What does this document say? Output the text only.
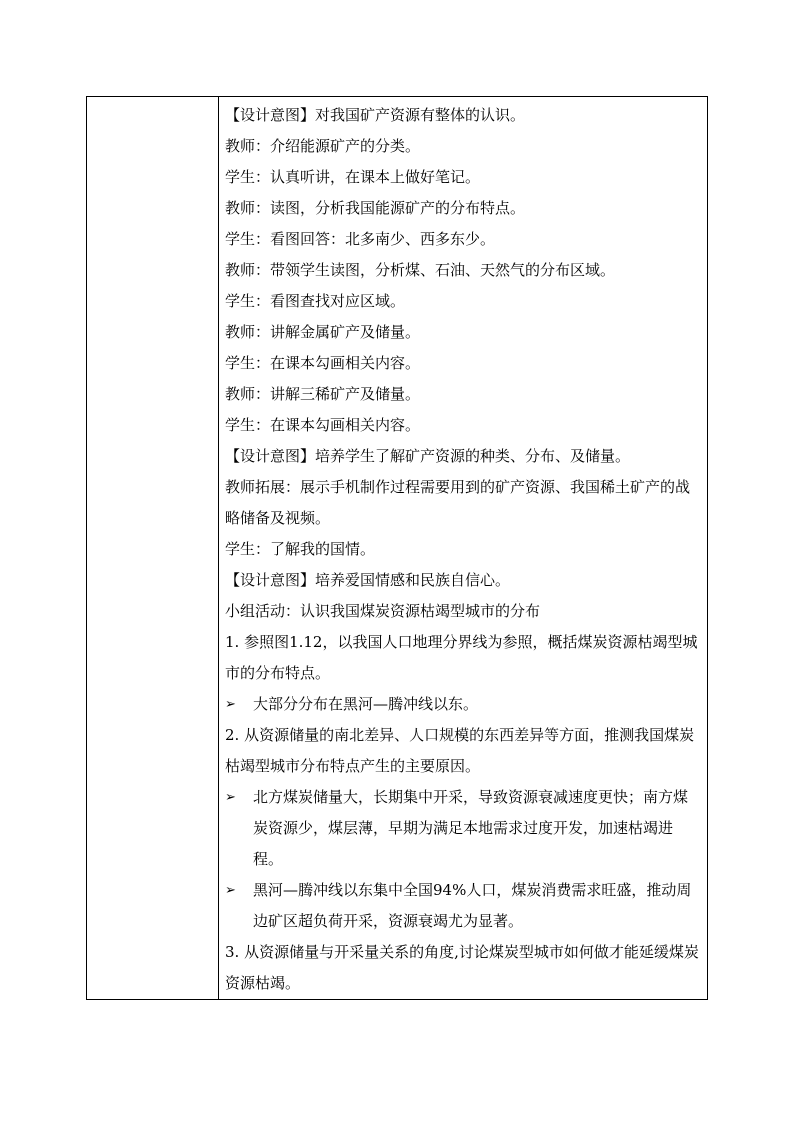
【设计意图】对我国矿产资源有整体的认识。
教师：介绍能源矿产的分类。
学生：认真听讲，在课本上做好笔记。
教师：读图，分析我国能源矿产的分布特点。
学生：看图回答：北多南少、西多东少。
教师：带领学生读图，分析煤、石油、天然气的分布区域。
学生：看图查找对应区域。
教师：讲解金属矿产及储量。
学生：在课本勾画相关内容。
教师：讲解三稀矿产及储量。
学生：在课本勾画相关内容。
【设计意图】培养学生了解矿产资源的种类、分布、及储量。
教师拓展：展示手机制作过程需要用到的矿产资源、我国稀土矿产的战略储备及视频。
学生：了解我的国情。
【设计意图】培养爱国情感和民族自信心。
小组活动：认识我国煤炭资源枯竭型城市的分布
1. 参照图1.12，以我国人口地理分界线为参照，概括煤炭资源枯竭型城市的分布特点。
➢	大部分分布在黑河—腾冲线以东。
2. 从资源储量的南北差异、人口规模的东西差异等方面，推测我国煤炭枯竭型城市分布特点产生的主要原因。
➢	北方煤炭储量大，长期集中开采，导致资源衰减速度更快；南方煤炭资源少，煤层薄，早期为满足本地需求过度开发，加速枯竭进程。
➢	黑河—腾冲线以东集中全国94%人口，煤炭消费需求旺盛，推动周边矿区超负荷开采，资源衰竭尤为显著。
3. 从资源储量与开采量关系的角度,讨论煤炭型城市如何做才能延缓煤炭资源枯竭。
